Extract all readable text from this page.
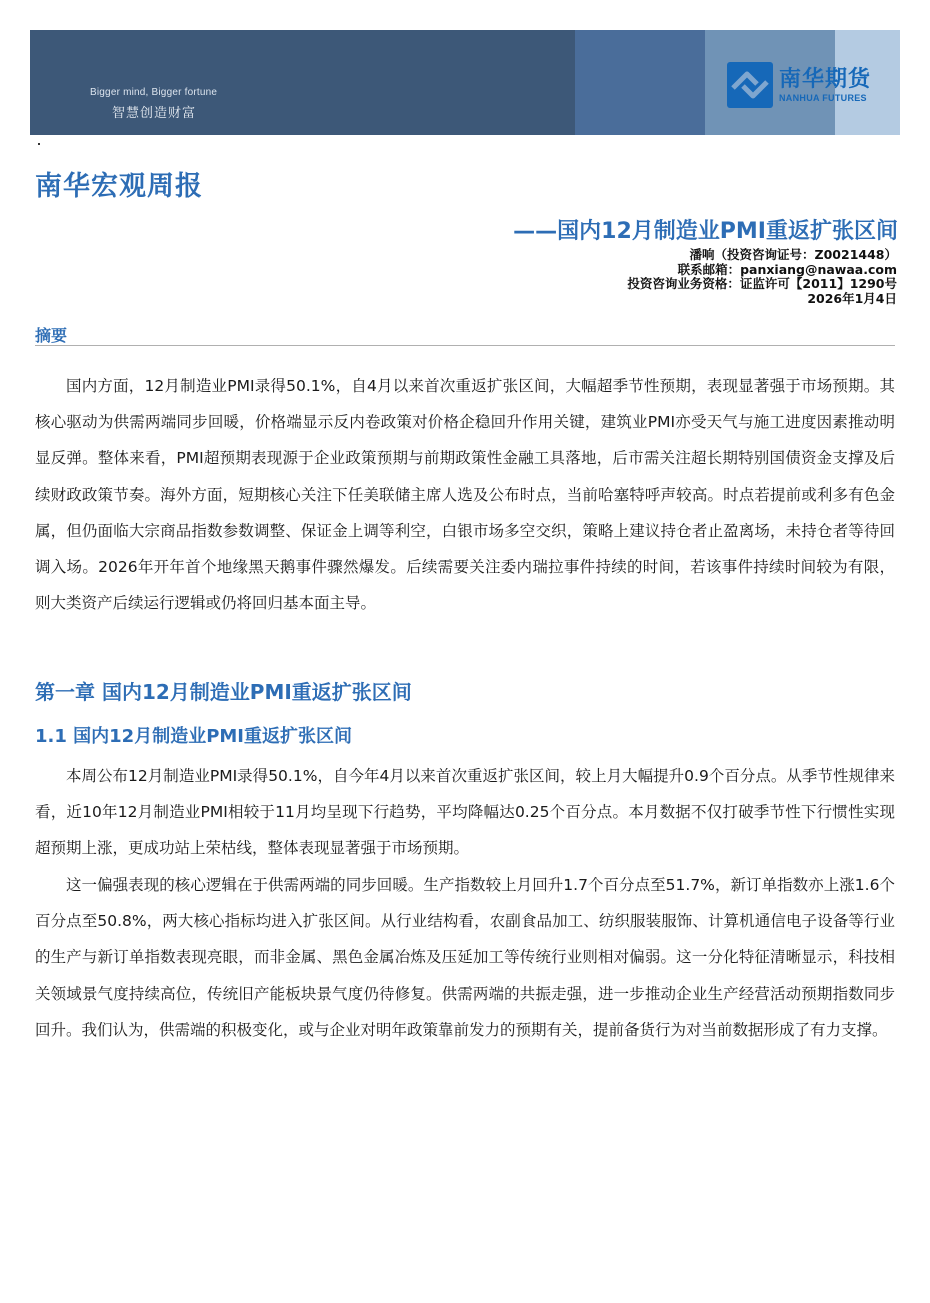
Bigger mind, Bigger fortune
智慧创造财富
南华期货
NANHUA FUTURES
南华宏观周报
——国内12月制造业PMI重返扩张区间
潘响（投资咨询证号：Z0021448）
联系邮箱：panxiang@nawaa.com
投资咨询业务资格：证监许可【2011】1290号
2026年1月4日
摘要
国内方面，12月制造业PMI录得50.1%，自4月以来首次重返扩张区间，大幅超季节性预期，表现显著强于市场预期。其核心驱动为供需两端同步回暖，价格端显示反内卷政策对价格企稳回升作用关键，建筑业PMI亦受天气与施工进度因素推动明显反弹。整体来看，PMI超预期表现源于企业政策预期与前期政策性金融工具落地，后市需关注超长期特别国债资金支撑及后续财政政策节奏。海外方面，短期核心关注下任美联储主席人选及公布时点，当前哈塞特呼声较高。时点若提前或利多有色金属，但仍面临大宗商品指数参数调整、保证金上调等利空，白银市场多空交织，策略上建议持仓者止盈离场，未持仓者等待回调入场。2026年开年首个地缘黑天鹅事件骤然爆发。后续需要关注委内瑞拉事件持续的时间，若该事件持续时间较为有限，则大类资产后续运行逻辑或仍将回归基本面主导。
第一章 国内12月制造业PMI重返扩张区间
1.1 国内12月制造业PMI重返扩张区间
本周公布12月制造业PMI录得50.1%，自今年4月以来首次重返扩张区间，较上月大幅提升0.9个百分点。从季节性规律来看，近10年12月制造业PMI相较于11月均呈现下行趋势，平均降幅达0.25个百分点。本月数据不仅打破季节性下行惯性实现超预期上涨，更成功站上荣枯线，整体表现显著强于市场预期。
这一偏强表现的核心逻辑在于供需两端的同步回暖。生产指数较上月回升1.7个百分点至51.7%，新订单指数亦上涨1.6个百分点至50.8%，两大核心指标均进入扩张区间。从行业结构看，农副食品加工、纺织服装服饰、计算机通信电子设备等行业的生产与新订单指数表现亮眼，而非金属、黑色金属冶炼及压延加工等传统行业则相对偏弱。这一分化特征清晰显示，科技相关领域景气度持续高位，传统旧产能板块景气度仍待修复。供需两端的共振走强，进一步推动企业生产经营活动预期指数同步回升。我们认为，供需端的积极变化，或与企业对明年政策靠前发力的预期有关，提前备货行为对当前数据形成了有力支撑。
